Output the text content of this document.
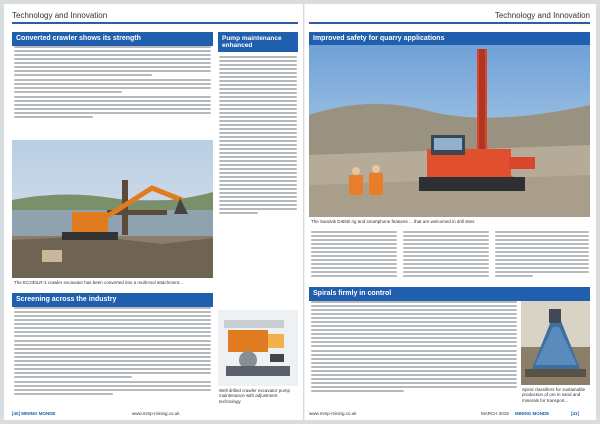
Technology and Innovation
Converted crawler shows its strength
The EC230LR-3 crawler excavator has been converted into a multi-tool attachment...
Screening across the industry
Pump maintenance enhanced
Well drilled crawler excavator pump maintenance with adjustment technology
[40] MINING MONDE	www.mmp-mining.co.uk
Technology and Innovation
Improved safety for quarry applications
The Sandvik DI650i rig and smartphone features ... that are welcomed in drill sites
Spirals firmly in control
Spiral classifiers for sustainable production of ore in sand and minerals for transport...
www.mmp-mining.co.uk	MARCH 2019 MINING MONDE	[41]
